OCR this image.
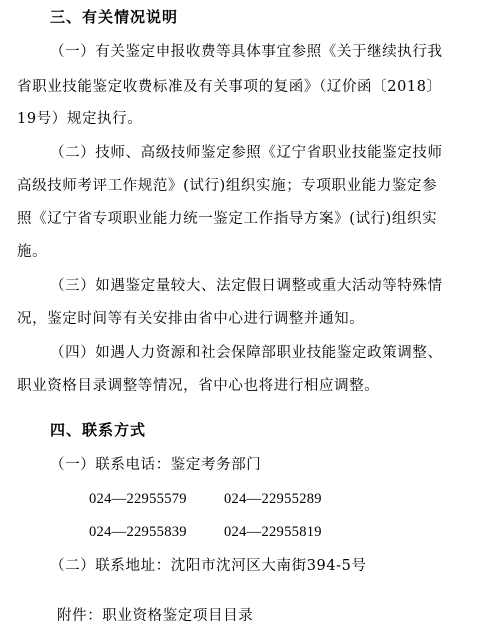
三、有关情况说明
（一）有关鉴定申报收费等具体事宜参照《关于继续执行我
省职业技能鉴定收费标准及有关事项的复函》（辽价函〔2018〕
19号）规定执行。
（二）技师、高级技师鉴定参照《辽宁省职业技能鉴定技师
高级技师考评工作规范》(试行)组织实施；专项职业能力鉴定参
照《辽宁省专项职业能力统一鉴定工作指导方案》(试行)组织实
施。
（三）如遇鉴定量较大、法定假日调整或重大活动等特殊情
况，鉴定时间等有关安排由省中心进行调整并通知。
（四）如遇人力资源和社会保障部职业技能鉴定政策调整、
职业资格目录调整等情况，省中心也将进行相应调整。
四、联系方式
（一）联系电话：鉴定考务部门
024—22955579	024—22955289
024—22955839	024—22955819
（二）联系地址：沈阳市沈河区大南街394-5号
附件：职业资格鉴定项目目录
